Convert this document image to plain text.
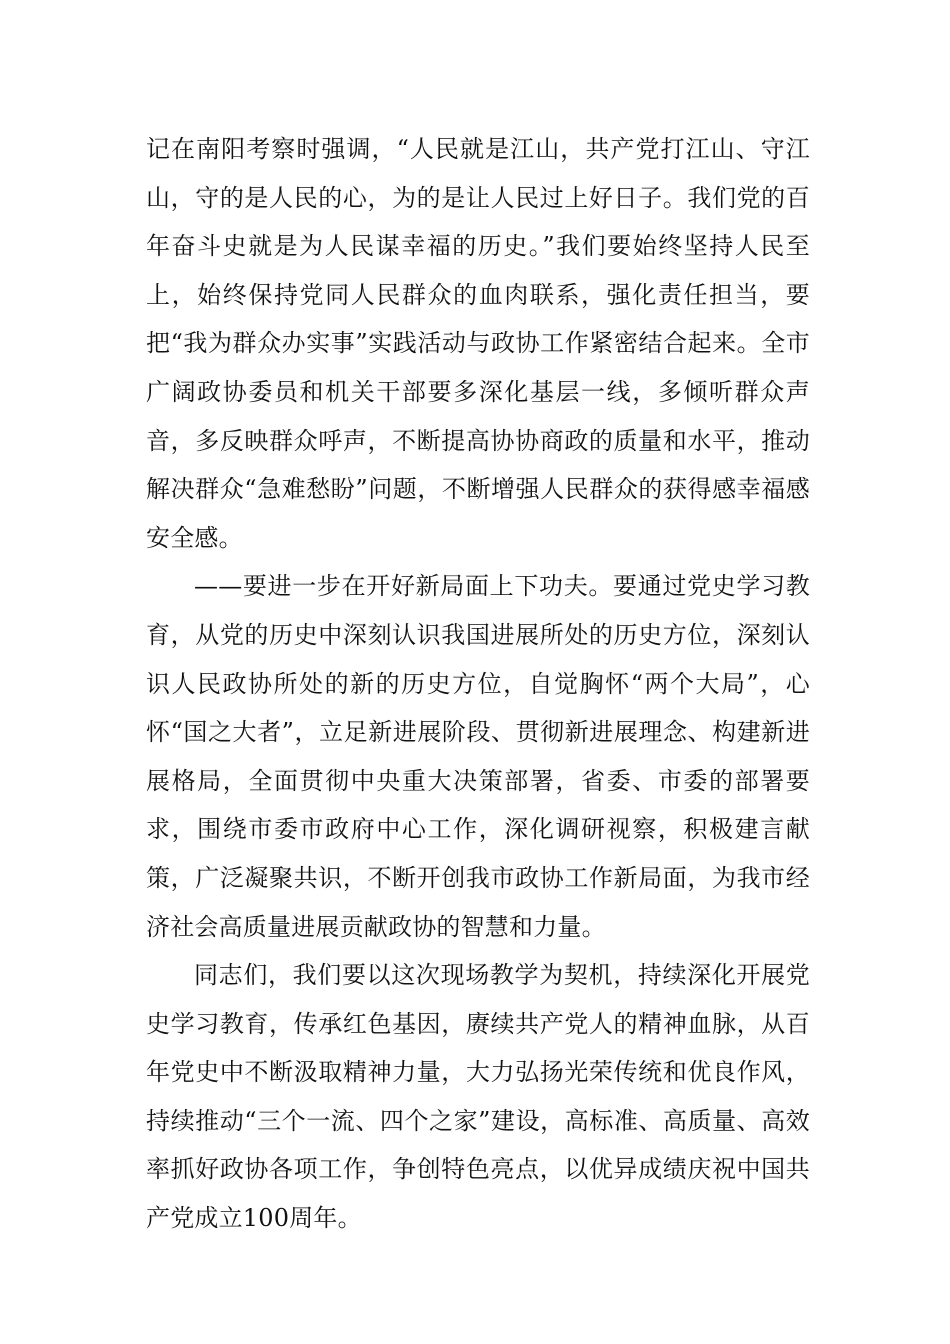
记在南阳考察时强调，“人民就是江山，共产党打江山、守江山，守的是人民的心，为的是让人民过上好日子。我们党的百年奋斗史就是为人民谋幸福的历史。”我们要始终坚持人民至上，始终保持党同人民群众的血肉联系，强化责任担当，要把“我为群众办实事”实践活动与政协工作紧密结合起来。全市广阔政协委员和机关干部要多深化基层一线，多倾听群众声音，多反映群众呼声，不断提高协协商政的质量和水平，推动解决群众“急难愁盼”问题，不断增强人民群众的获得感幸福感安全感。

——要进一步在开好新局面上下功夫。要通过党史学习教育，从党的历史中深刻认识我国进展所处的历史方位，深刻认识人民政协所处的新的历史方位，自觉胸怀“两个大局”，心怀“国之大者”，立足新进展阶段、贯彻新进展理念、构建新进展格局，全面贯彻中央重大决策部署，省委、市委的部署要求，围绕市委市政府中心工作，深化调研视察，积极建言献策，广泛凝聚共识，不断开创我市政协工作新局面，为我市经济社会高质量进展贡献政协的智慧和力量。

同志们，我们要以这次现场教学为契机，持续深化开展党史学习教育，传承红色基因，赓续共产党人的精神血脉，从百年党史中不断汲取精神力量，大力弘扬光荣传统和优良作风，持续推动“三个一流、四个之家”建设，高标准、高质量、高效率抓好政协各项工作，争创特色亮点，以优异成绩庆祝中国共产党成立100周年。
